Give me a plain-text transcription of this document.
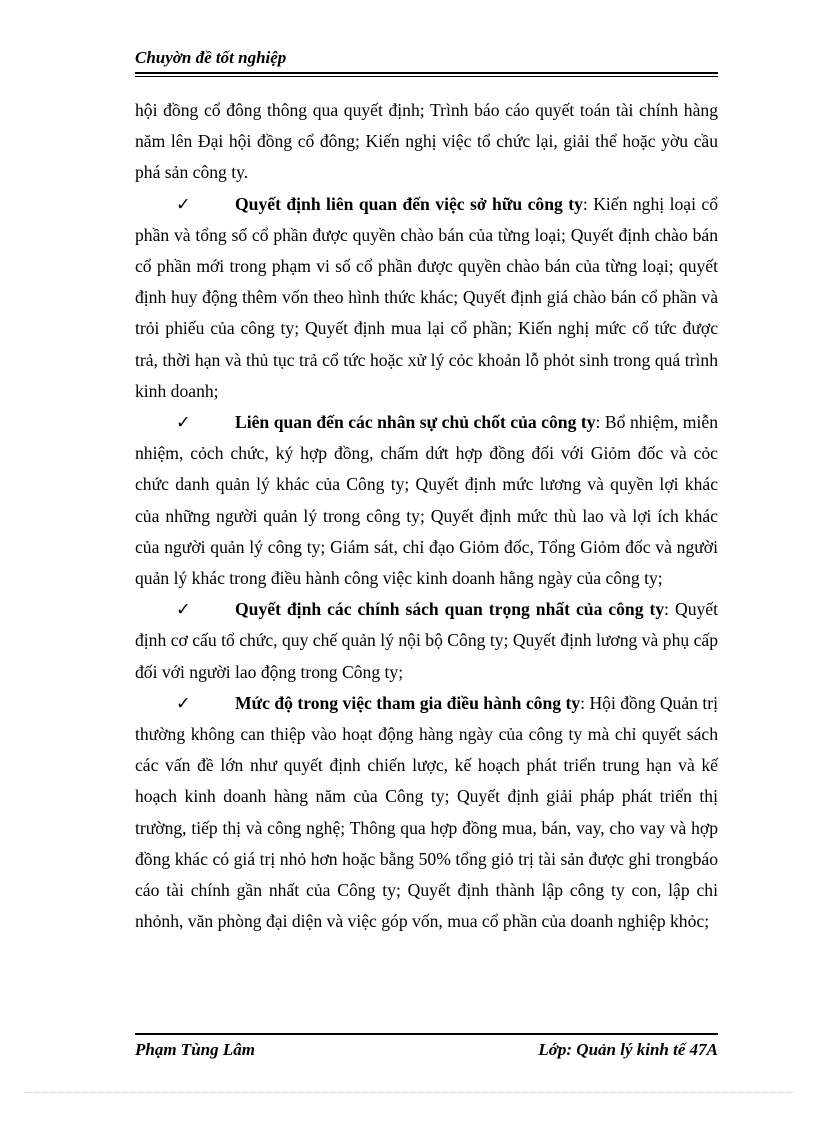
Chuyờn đề tốt nghiệp

hội đồng cổ đông thông qua quyết định; Trình báo cáo quyết toán tài chính hàng năm lên Đại hội đồng cổ đông; Kiến nghị việc tổ chức lại, giải thể hoặc yờu cầu phá sản công ty.

✓	Quyết định liên quan đến việc sở hữu công ty: Kiến nghị loại cổ phần và tổng số cổ phần được quyền chào bán của từng loại; Quyết định chào bán cổ phần mới trong phạm vi số cổ phần được quyền chào bán của từng loại; quyết định huy động thêm vốn theo hình thức khác; Quyết định giá chào bán cổ phần và trỏi phiếu của công ty; Quyết định mua lại cổ phần; Kiến nghị mức cổ tức được trả, thời hạn và thủ tục trả cổ tức hoặc xử lý cỏc khoản lỗ phỏt sinh trong quá trình kinh doanh;

✓	Liên quan đến các nhân sự chủ chốt của công ty: Bổ nhiệm, miễn nhiệm, cỏch chức, ký hợp đồng, chấm dứt hợp đồng đối với Giỏm đốc và cỏc chức danh quản lý khác của Công ty; Quyết định mức lương và quyền lợi khác của những người quản lý trong công ty; Quyết định mức thù lao và lợi ích khác của người quản lý công ty; Giám sát, chỉ đạo Giỏm đốc, Tổng Giỏm đốc và người quản lý khác trong điều hành công việc kinh doanh hằng ngày của công ty;

✓	Quyết định các chính sách quan trọng nhất của công ty: Quyết định cơ cấu tổ chức, quy chế quản lý nội bộ Công ty; Quyết định lương và phụ cấp đối với người lao động trong Công ty;

✓	Mức độ trong việc tham gia điều hành công ty: Hội đồng Quản trị thường không can thiệp vào hoạt động hàng ngày của công ty mà chỉ quyết sách các vấn đề lớn như quyết định chiến lược, kế hoạch phát triển trung hạn và kế hoạch kinh doanh hàng năm của Công ty; Quyết định giải pháp phát triển thị trường, tiếp thị và công nghệ; Thông qua hợp đồng mua, bán, vay, cho vay và hợp đồng khác có giá trị nhỏ hơn hoặc bằng 50% tổng giỏ trị tài sản được ghi trongbáo cáo tài chính gần nhất của Công ty; Quyết định thành lập công ty con, lập chi nhỏnh, văn phòng đại diện và việc góp vốn, mua cổ phần của doanh nghiệp khỏc;

Phạm Tùng Lâm	Lớp: Quản lý kinh tế 47A
